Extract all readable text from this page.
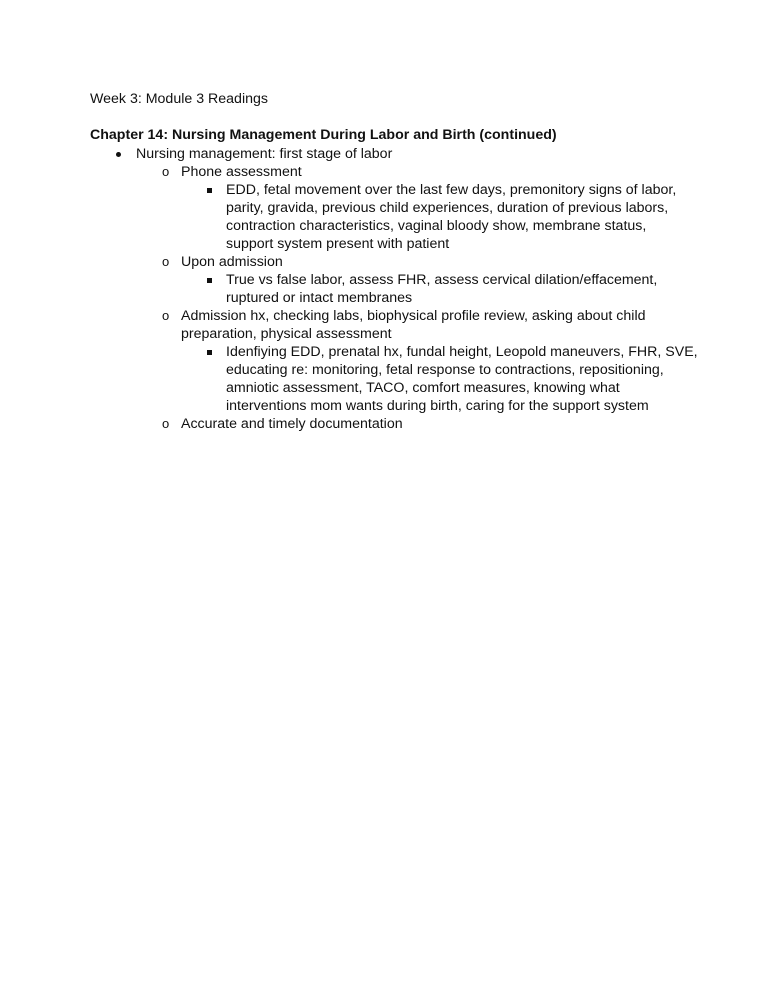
Week 3: Module 3 Readings
Chapter 14: Nursing Management During Labor and Birth (continued)
Nursing management: first stage of labor
o Phone assessment
EDD, fetal movement over the last few days, premonitory signs of labor,
parity, gravida, previous child experiences, duration of previous labors,
contraction characteristics, vaginal bloody show, membrane status,
support system present with patient
o Upon admission
True vs false labor, assess FHR, assess cervical dilation/effacement,
ruptured or intact membranes
o Admission hx, checking labs, biophysical profile review, asking about child
preparation, physical assessment
Idenfiying EDD, prenatal hx, fundal height, Leopold maneuvers, FHR, SVE,
educating re: monitoring, fetal response to contractions, repositioning,
amniotic assessment, TACO, comfort measures, knowing what
interventions mom wants during birth, caring for the support system
o Accurate and timely documentation
